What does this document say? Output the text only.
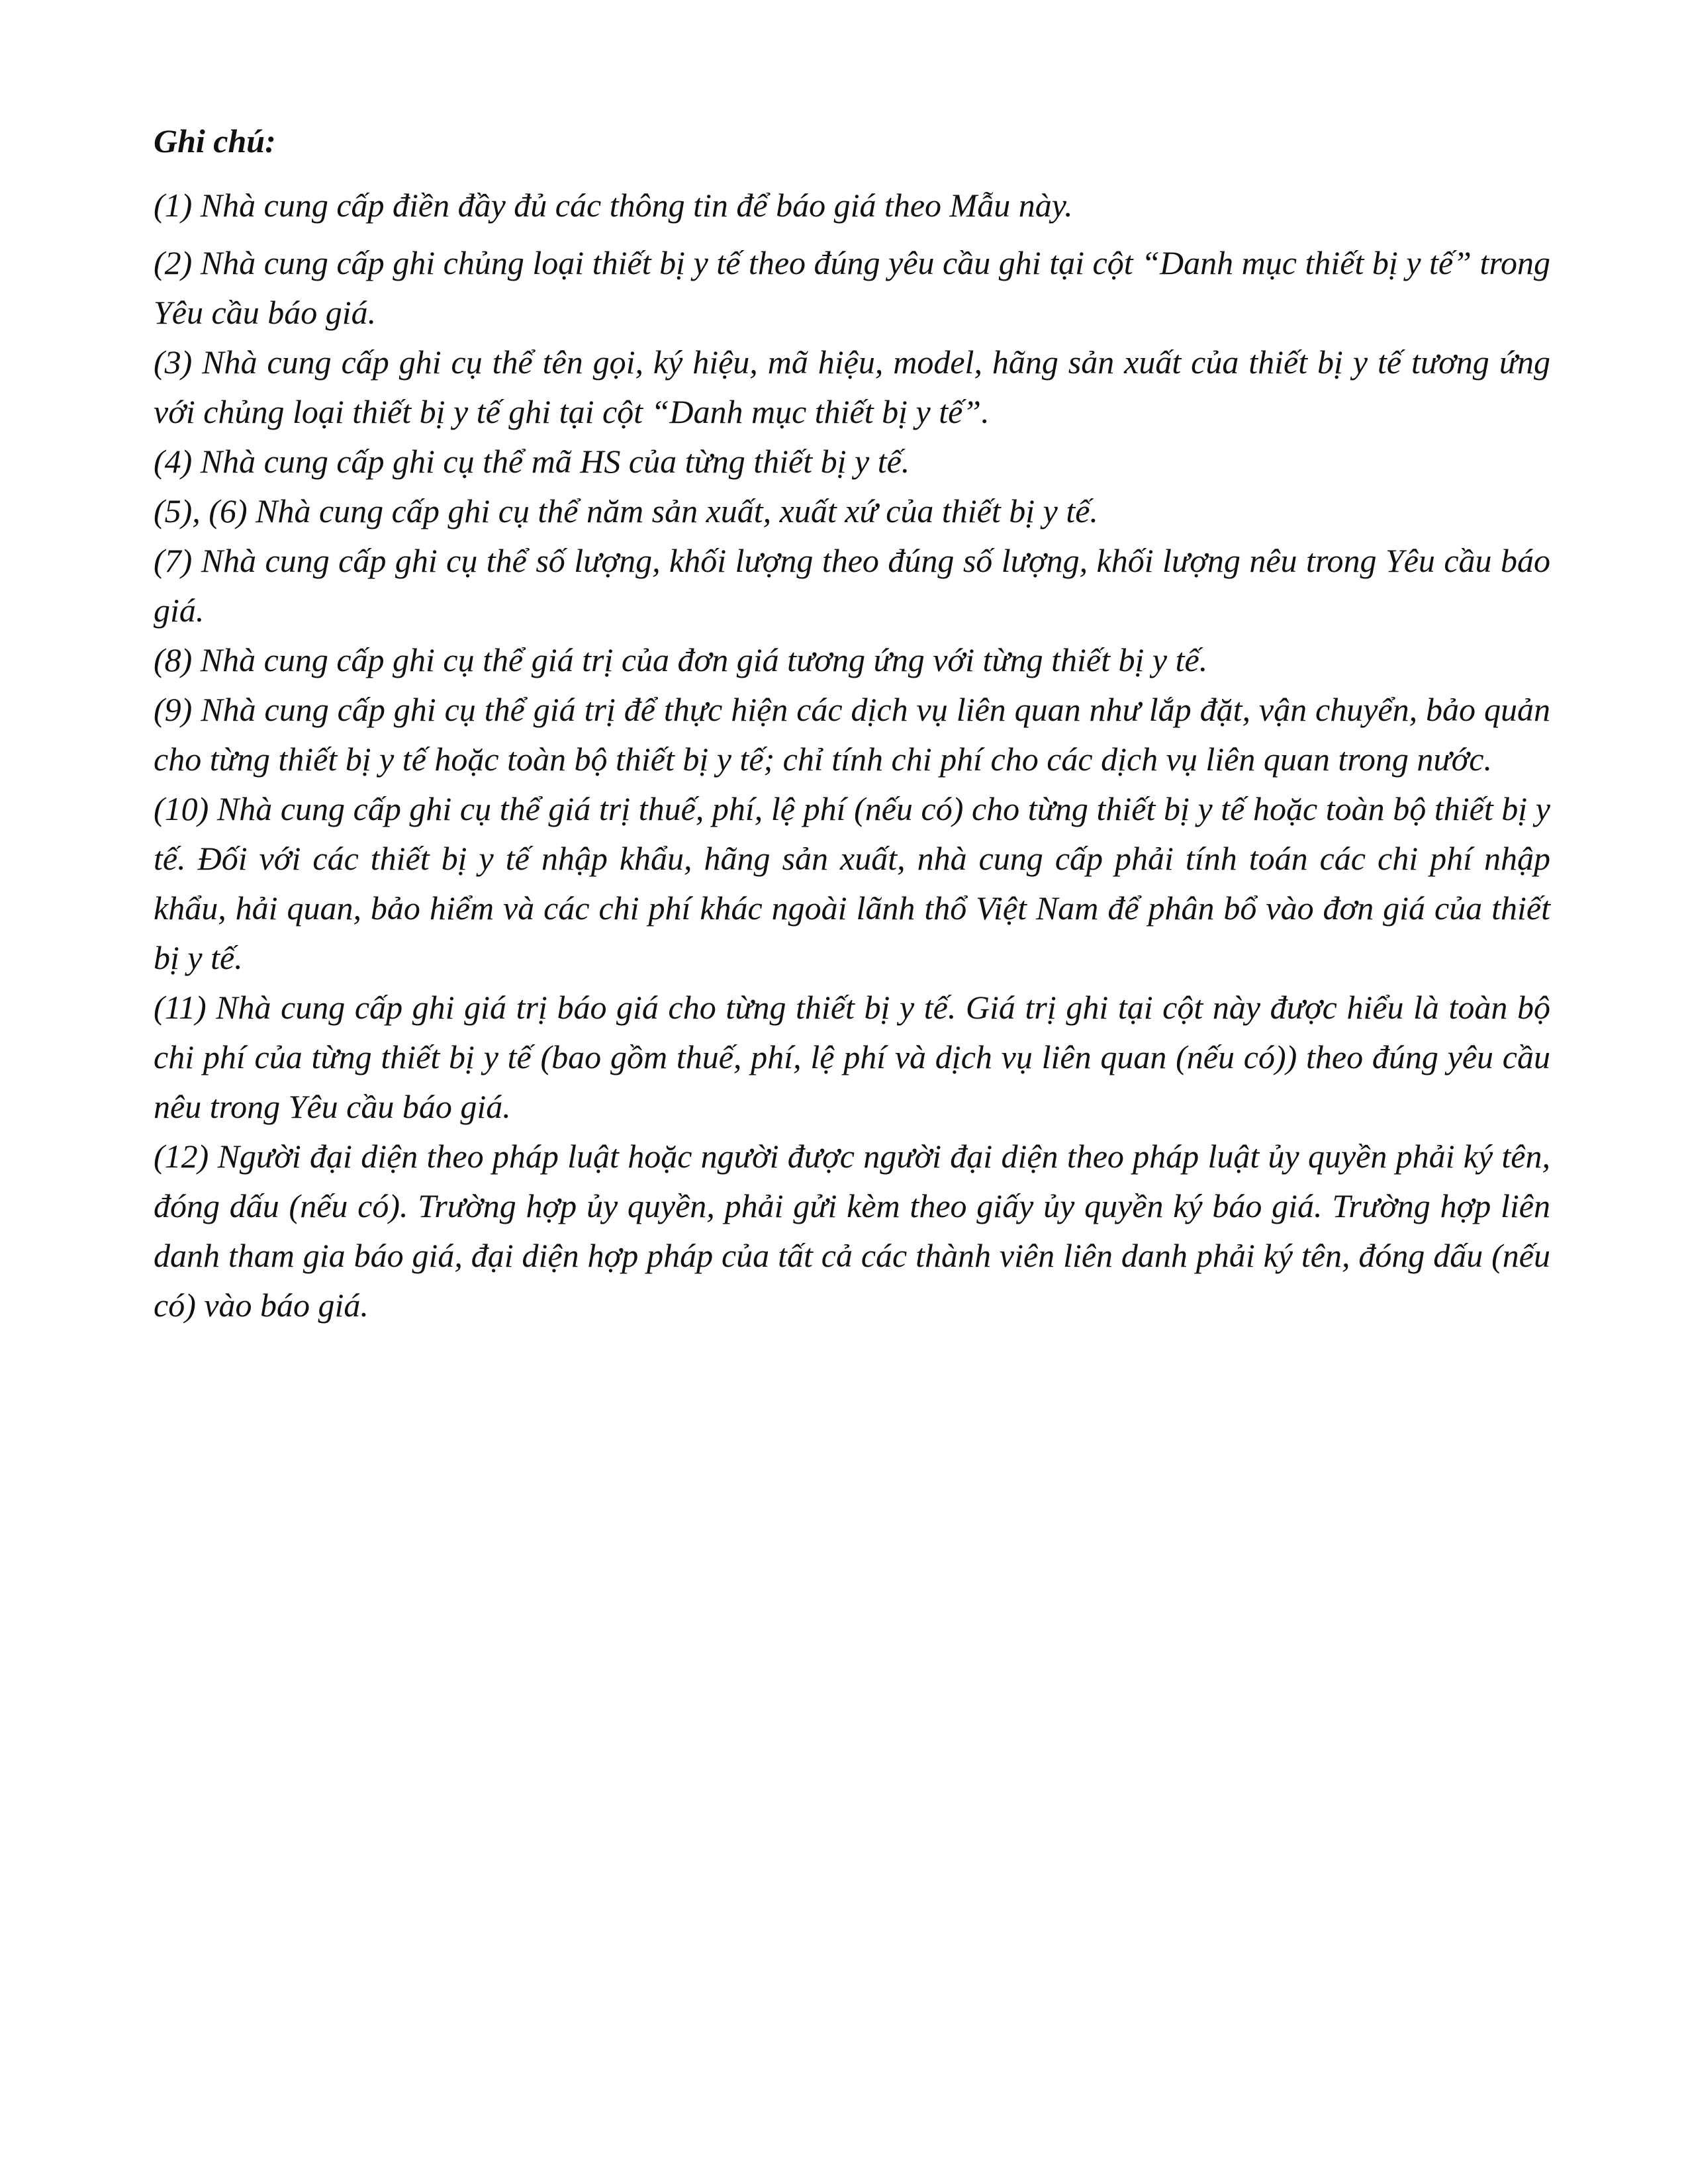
Ghi chú:

(1) Nhà cung cấp điền đầy đủ các thông tin để báo giá theo Mẫu này.

(2) Nhà cung cấp ghi chủng loại thiết bị y tế theo đúng yêu cầu ghi tại cột “Danh mục thiết bị y tế” trong Yêu cầu báo giá.

(3) Nhà cung cấp ghi cụ thể tên gọi, ký hiệu, mã hiệu, model, hãng sản xuất của thiết bị y tế tương ứng với chủng loại thiết bị y tế ghi tại cột “Danh mục thiết bị y tế”.

(4) Nhà cung cấp ghi cụ thể mã HS của từng thiết bị y tế.

(5), (6) Nhà cung cấp ghi cụ thể năm sản xuất, xuất xứ của thiết bị y tế.

(7) Nhà cung cấp ghi cụ thể số lượng, khối lượng theo đúng số lượng, khối lượng nêu trong Yêu cầu báo giá.

(8) Nhà cung cấp ghi cụ thể giá trị của đơn giá tương ứng với từng thiết bị y tế.

(9) Nhà cung cấp ghi cụ thể giá trị để thực hiện các dịch vụ liên quan như lắp đặt, vận chuyển, bảo quản cho từng thiết bị y tế hoặc toàn bộ thiết bị y tế; chỉ tính chi phí cho các dịch vụ liên quan trong nước.

(10) Nhà cung cấp ghi cụ thể giá trị thuế, phí, lệ phí (nếu có) cho từng thiết bị y tế hoặc toàn bộ thiết bị y tế. Đối với các thiết bị y tế nhập khẩu, hãng sản xuất, nhà cung cấp phải tính toán các chi phí nhập khẩu, hải quan, bảo hiểm và các chi phí khác ngoài lãnh thổ Việt Nam để phân bổ vào đơn giá của thiết bị y tế.

(11) Nhà cung cấp ghi giá trị báo giá cho từng thiết bị y tế. Giá trị ghi tại cột này được hiểu là toàn bộ chi phí của từng thiết bị y tế (bao gồm thuế, phí, lệ phí và dịch vụ liên quan (nếu có)) theo đúng yêu cầu nêu trong Yêu cầu báo giá.

(12) Người đại diện theo pháp luật hoặc người được người đại diện theo pháp luật ủy quyền phải ký tên, đóng dấu (nếu có). Trường hợp ủy quyền, phải gửi kèm theo giấy ủy quyền ký báo giá. Trường hợp liên danh tham gia báo giá, đại diện hợp pháp của tất cả các thành viên liên danh phải ký tên, đóng dấu (nếu có) vào báo giá.
